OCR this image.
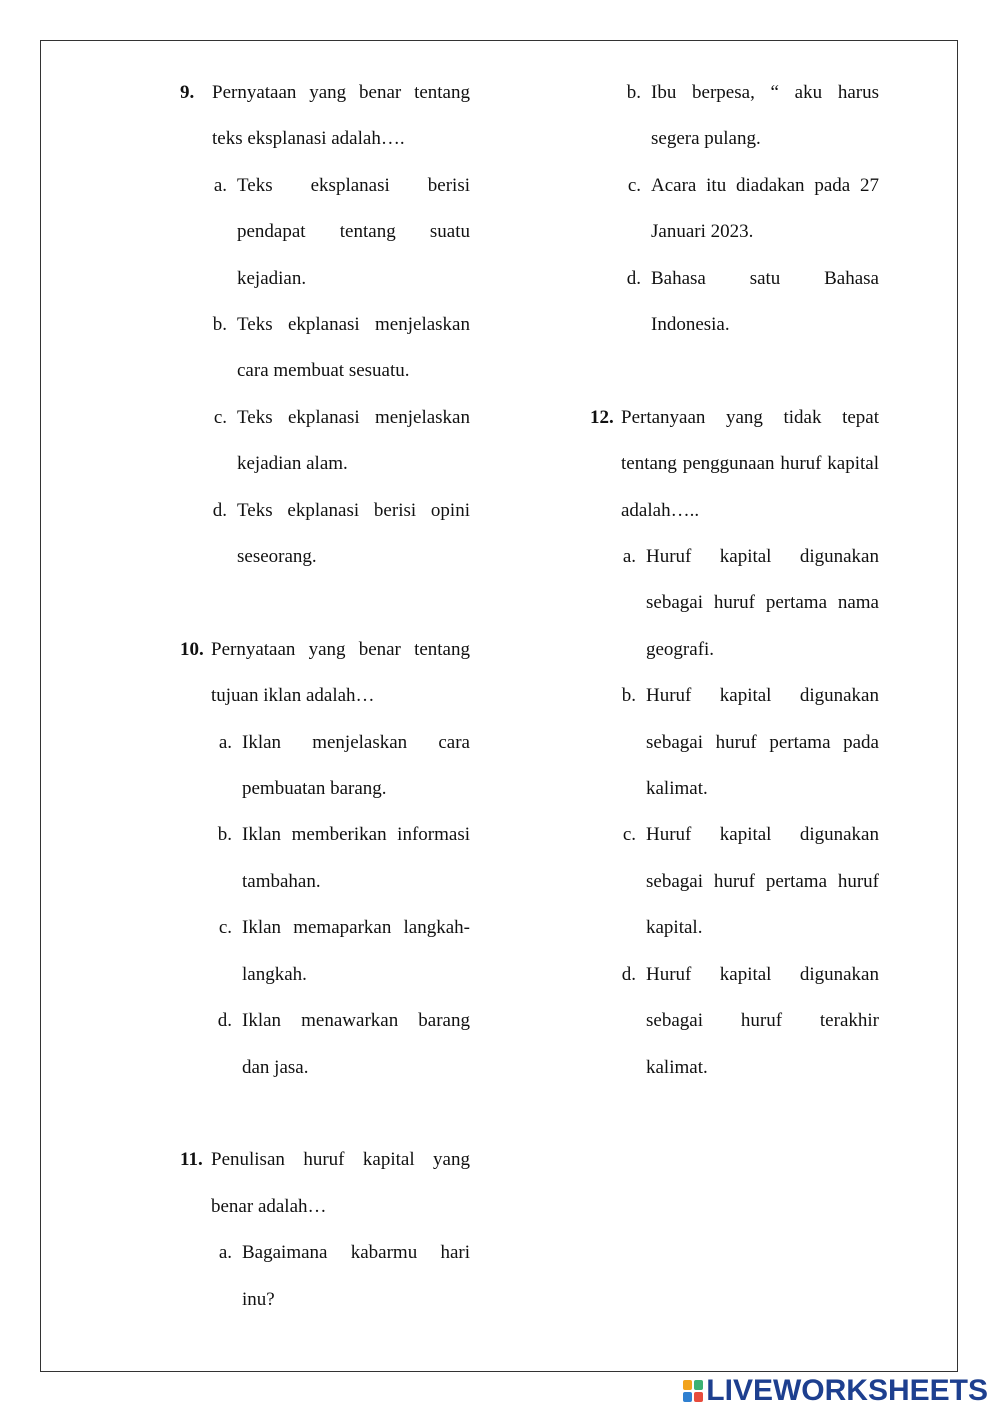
9. Pernyataan yang benar tentang teks eksplanasi adalah….
a. Teks eksplanasi berisi pendapat tentang suatu kejadian.
b. Teks ekplanasi menjelaskan cara membuat sesuatu.
c. Teks ekplanasi menjelaskan kejadian alam.
d. Teks ekplanasi berisi opini seseorang.
10. Pernyataan yang benar tentang tujuan iklan adalah…
a. Iklan menjelaskan cara pembuatan barang.
b. Iklan memberikan informasi tambahan.
c. Iklan memaparkan langkah-langkah.
d. Iklan menawarkan barang dan jasa.
11. Penulisan huruf kapital yang benar adalah…
a. Bagaimana kabarmu hari inu?
b. Ibu berpesa, “ aku harus segera pulang.
c. Acara itu diadakan pada 27 Januari 2023.
d. Bahasa satu Bahasa Indonesia.
12. Pertanyaan yang tidak tepat tentang penggunaan huruf kapital adalah…..
a. Huruf kapital digunakan sebagai huruf pertama nama geografi.
b. Huruf kapital digunakan sebagai huruf pertama pada kalimat.
c. Huruf kapital digunakan sebagai huruf pertama huruf kapital.
d. Huruf kapital digunakan sebagai huruf terakhir kalimat.
LIVEWORKSHEETS
